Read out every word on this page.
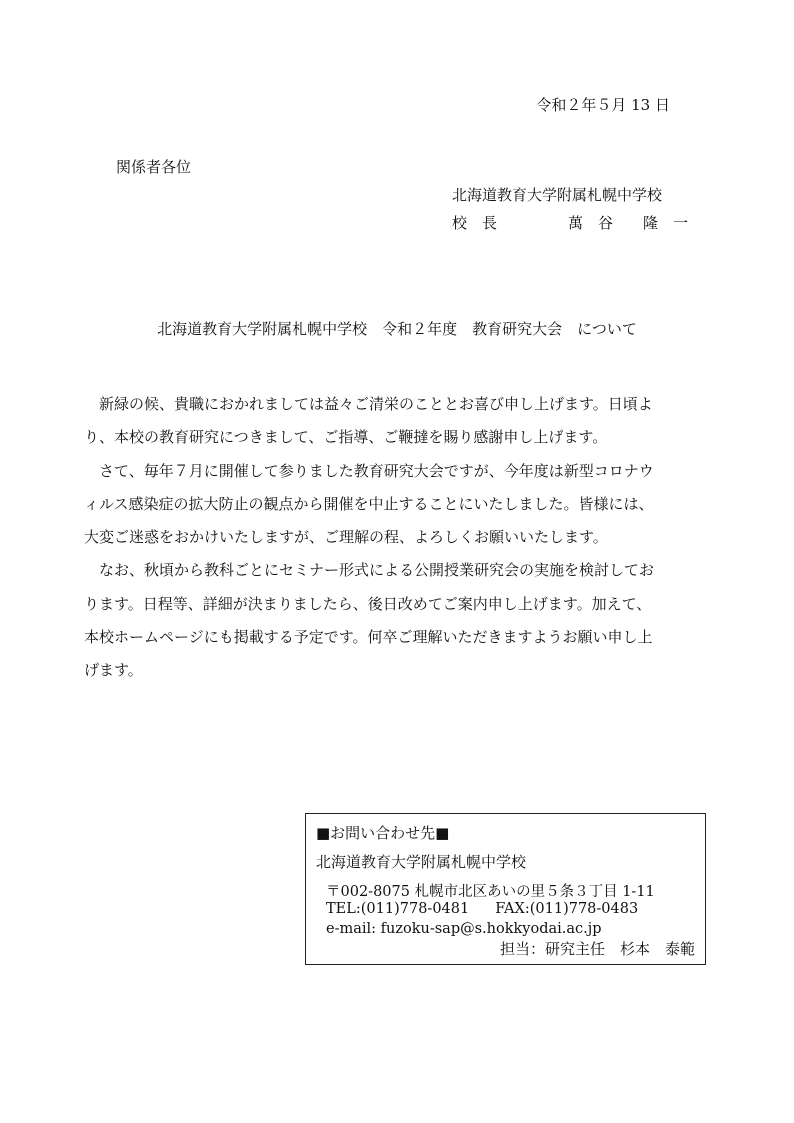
令和２年５月 13 日
関係者各位
北海道教育大学附属札幌中学校
校　長	萬　谷　　隆　一
北海道教育大学附属札幌中学校　令和２年度　教育研究大会　について
新緑の候、貴職におかれましては益々ご清栄のこととお喜び申し上げます。日頃よ
り、本校の教育研究につきまして、ご指導、ご鞭撻を賜り感謝申し上げます。
さて、毎年７月に開催して参りました教育研究大会ですが、今年度は新型コロナウ
ィルス感染症の拡大防止の観点から開催を中止することにいたしました。皆様には、
大変ご迷惑をおかけいたしますが、ご理解の程、よろしくお願いいたします。
なお、秋頃から教科ごとにセミナー形式による公開授業研究会の実施を検討してお
ります。日程等、詳細が決まりましたら、後日改めてご案内申し上げます。加えて、
本校ホームページにも掲載する予定です。何卒ご理解いただきますようお願い申し上
げます。
■お問い合わせ先■
北海道教育大学附属札幌中学校
〒002-8075 札幌市北区あいの里５条３丁目 1-11
TEL:(011)778-0481 FAX:(011)778-0483
e-mail: fuzoku-sap@s.hokkyodai.ac.jp
担当：研究主任　杉本　泰範
